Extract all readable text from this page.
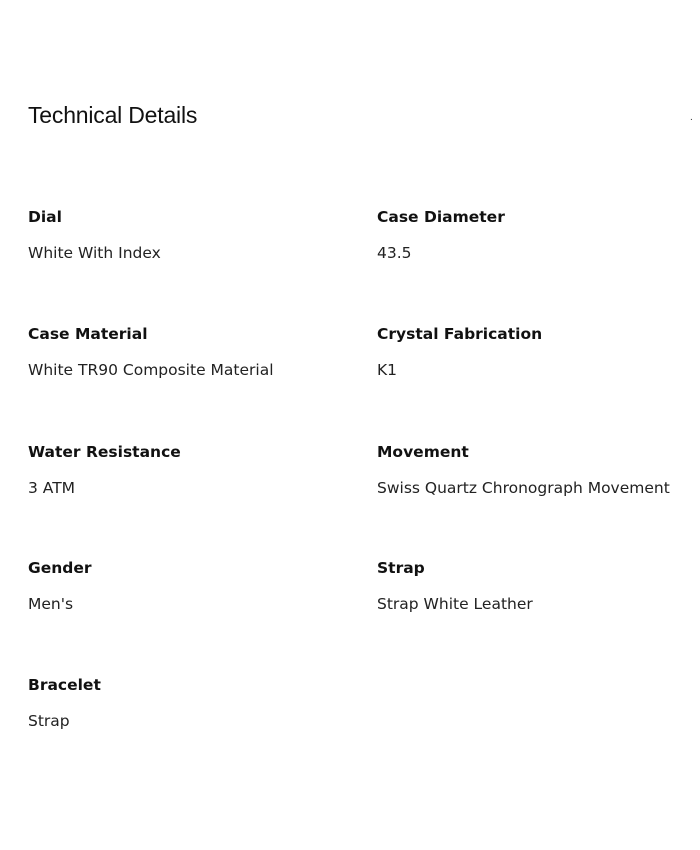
Technical Details	.
Dial
White With Index
Case Diameter
43.5
Case Material
White TR90 Composite Material
Crystal Fabrication
K1
Water Resistance
3 ATM
Movement
Swiss Quartz Chronograph Movement
Gender
Men's
Strap
Strap White Leather
Bracelet
Strap
